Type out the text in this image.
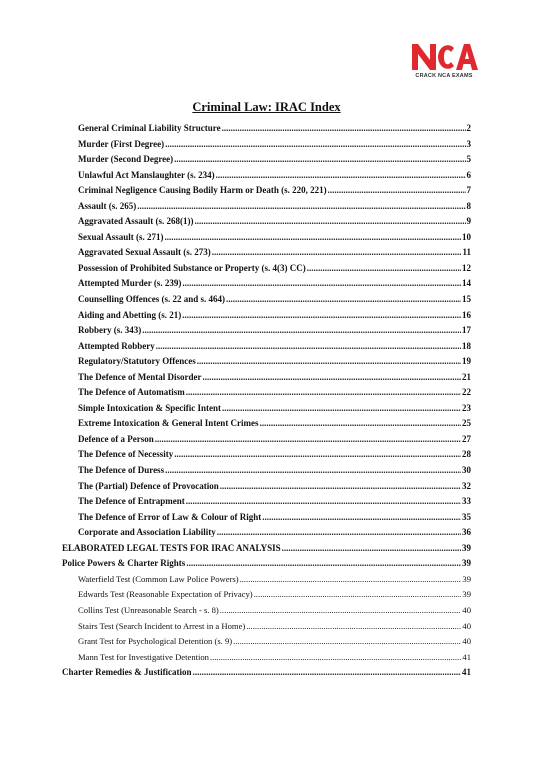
CRACK NCA EXAMS
Criminal Law: IRAC Index
General Criminal Liability Structure .....	2
Murder (First Degree) .....	3
Murder (Second Degree) .....	5
Unlawful Act Manslaughter (s. 234) .....	6
Criminal Negligence Causing Bodily Harm or Death (s. 220, 221) .....	7
Assault (s. 265) .....	8
Aggravated Assault (s. 268(1)) .....	9
Sexual Assault (s. 271) .....	10
Aggravated Sexual Assault (s. 273) .....	11
Possession of Prohibited Substance or Property (s. 4(3) CC) .....	12
Attempted Murder (s. 239) .....	14
Counselling Offences (s. 22 and s. 464) .....	15
Aiding and Abetting (s. 21) .....	16
Robbery (s. 343) .....	17
Attempted Robbery .....	18
Regulatory/Statutory Offences .....	19
The Defence of Mental Disorder .....	21
The Defence of Automatism .....	22
Simple Intoxication & Specific Intent .....	23
Extreme Intoxication & General Intent Crimes .....	25
Defence of a Person .....	27
The Defence of Necessity .....	28
The Defence of Duress .....	30
The (Partial) Defence of Provocation .....	32
The Defence of Entrapment .....	33
The Defence of Error of Law & Colour of Right .....	35
Corporate and Association Liability .....	36
ELABORATED LEGAL TESTS FOR IRAC ANALYSIS .....	39
Police Powers & Charter Rights .....	39
Waterfield Test (Common Law Police Powers) .....	39
Edwards Test (Reasonable Expectation of Privacy) .....	39
Collins Test (Unreasonable Search - s. 8) .....	40
Stairs Test (Search Incident to Arrest in a Home) .....	40
Grant Test for Psychological Detention (s. 9) .....	40
Mann Test for Investigative Detention .....	41
Charter Remedies & Justification .....	41
